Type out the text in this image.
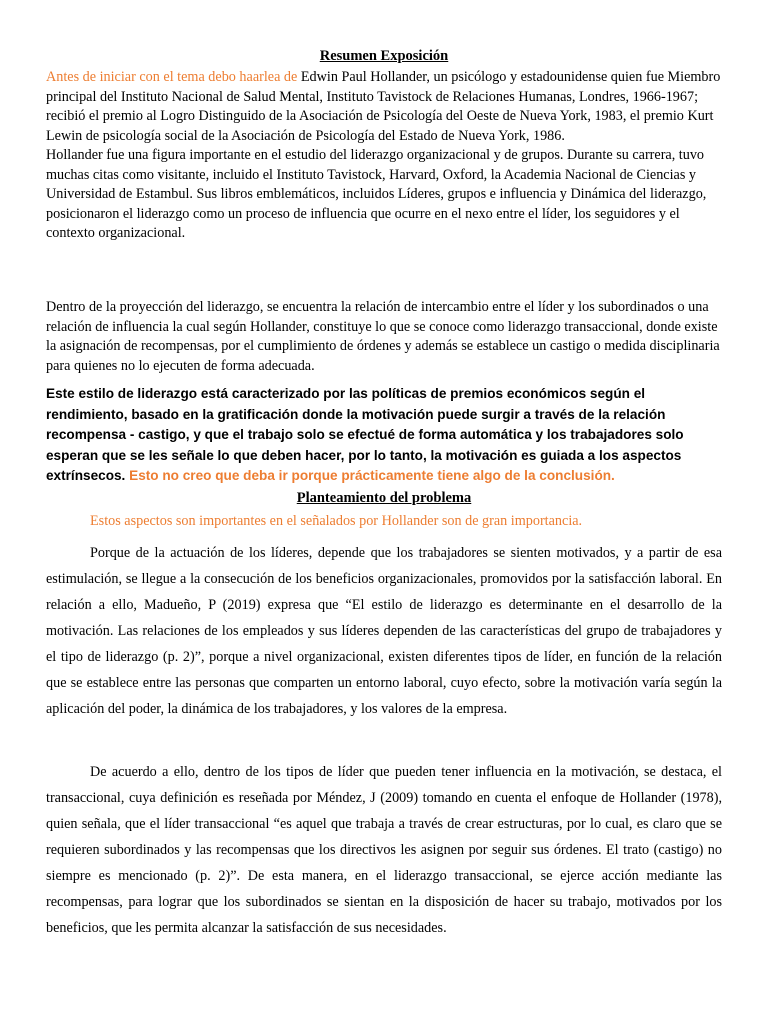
Resumen Exposición

Antes de iniciar con el tema debo haarlea de Edwin Paul Hollander, un psicólogo y estadounidense quien fue Miembro principal del Instituto Nacional de Salud Mental, Instituto Tavistock de Relaciones Humanas, Londres, 1966-1967; recibió el premio al Logro Distinguido de la Asociación de Psicología del Oeste de Nueva York, 1983, el premio Kurt Lewin de psicología social de la Asociación de Psicología del Estado de Nueva York, 1986.

Hollander fue una figura importante en el estudio del liderazgo organizacional y de grupos. Durante su carrera, tuvo muchas citas como visitante, incluido el Instituto Tavistock, Harvard, Oxford, la Academia Nacional de Ciencias y Universidad de Estambul. Sus libros emblemáticos, incluidos Líderes, grupos e influencia y Dinámica del liderazgo, posicionaron el liderazgo como un proceso de influencia que ocurre en el nexo entre el líder, los seguidores y el contexto organizacional.

Dentro de la proyección del liderazgo, se encuentra la relación de intercambio entre el líder y los subordinados o una relación de influencia la cual según Hollander, constituye lo que se conoce como liderazgo transaccional, donde existe la asignación de recompensas, por el cumplimiento de órdenes y además se establece un castigo o medida disciplinaria para quienes no lo ejecuten de forma adecuada.

Este estilo de liderazgo está caracterizado por las políticas de premios económicos según el rendimiento, basado en la gratificación donde la motivación puede surgir a través de la relación recompensa - castigo, y que el trabajo solo se efectué de forma automática y los trabajadores solo esperan que se les señale lo que deben hacer, por lo tanto, la motivación es guiada a los aspectos extrínsecos. Esto no creo que deba ir porque prácticamente tiene algo de la conclusión.

Planteamiento del problema

Estos aspectos son importantes en el señalados por Hollander son de gran importancia.

Porque de la actuación de los líderes, depende que los trabajadores se sienten motivados, y a partir de esa estimulación, se llegue a la consecución de los beneficios organizacionales, promovidos por la satisfacción laboral. En relación a ello, Madueño, P (2019) expresa que “El estilo de liderazgo es determinante en el desarrollo de la motivación. Las relaciones de los empleados y sus líderes dependen de las características del grupo de trabajadores y el tipo de liderazgo (p. 2)”, porque a nivel organizacional, existen diferentes tipos de líder, en función de la relación que se establece entre las personas que comparten un entorno laboral, cuyo efecto, sobre la motivación varía según la aplicación del poder, la dinámica de los trabajadores, y los valores de la empresa.

De acuerdo a ello, dentro de los tipos de líder que pueden tener influencia en la motivación, se destaca, el transaccional, cuya definición es reseñada por Méndez, J (2009) tomando en cuenta el enfoque de Hollander (1978), quien señala, que el líder transaccional “es aquel que trabaja a través de crear estructuras, por lo cual, es claro que se requieren subordinados y las recompensas que los directivos les asignen por seguir sus órdenes. El trato (castigo) no siempre es mencionado (p. 2)”. De esta manera, en el liderazgo transaccional, se ejerce acción mediante las recompensas, para lograr que los subordinados se sientan en la disposición de hacer su trabajo, motivados por los beneficios, que les permita alcanzar la satisfacción de sus necesidades.
